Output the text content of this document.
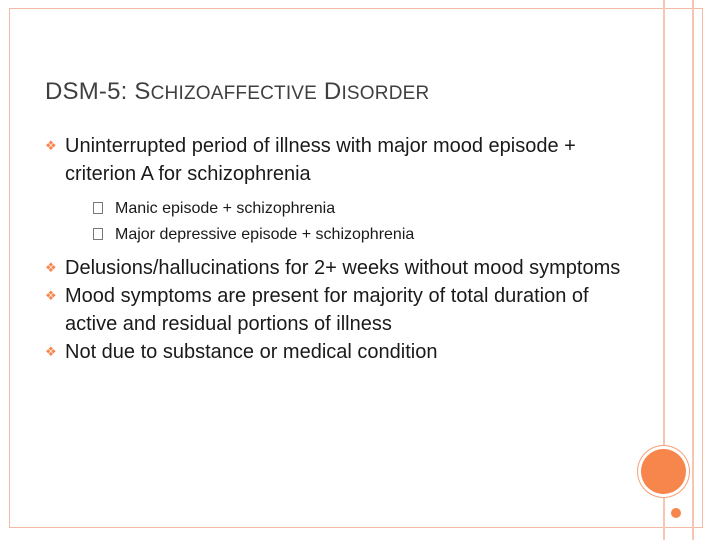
DSM-5: SCHIZOAFFECTIVE DISORDER
❖ Uninterrupted period of illness with major mood episode + criterion A for schizophrenia
Manic episode + schizophrenia
Major depressive episode + schizophrenia
❖ Delusions/hallucinations for 2+ weeks without mood symptoms
❖ Mood symptoms are present for majority of total duration of active and residual portions of illness
❖ Not due to substance or medical condition
